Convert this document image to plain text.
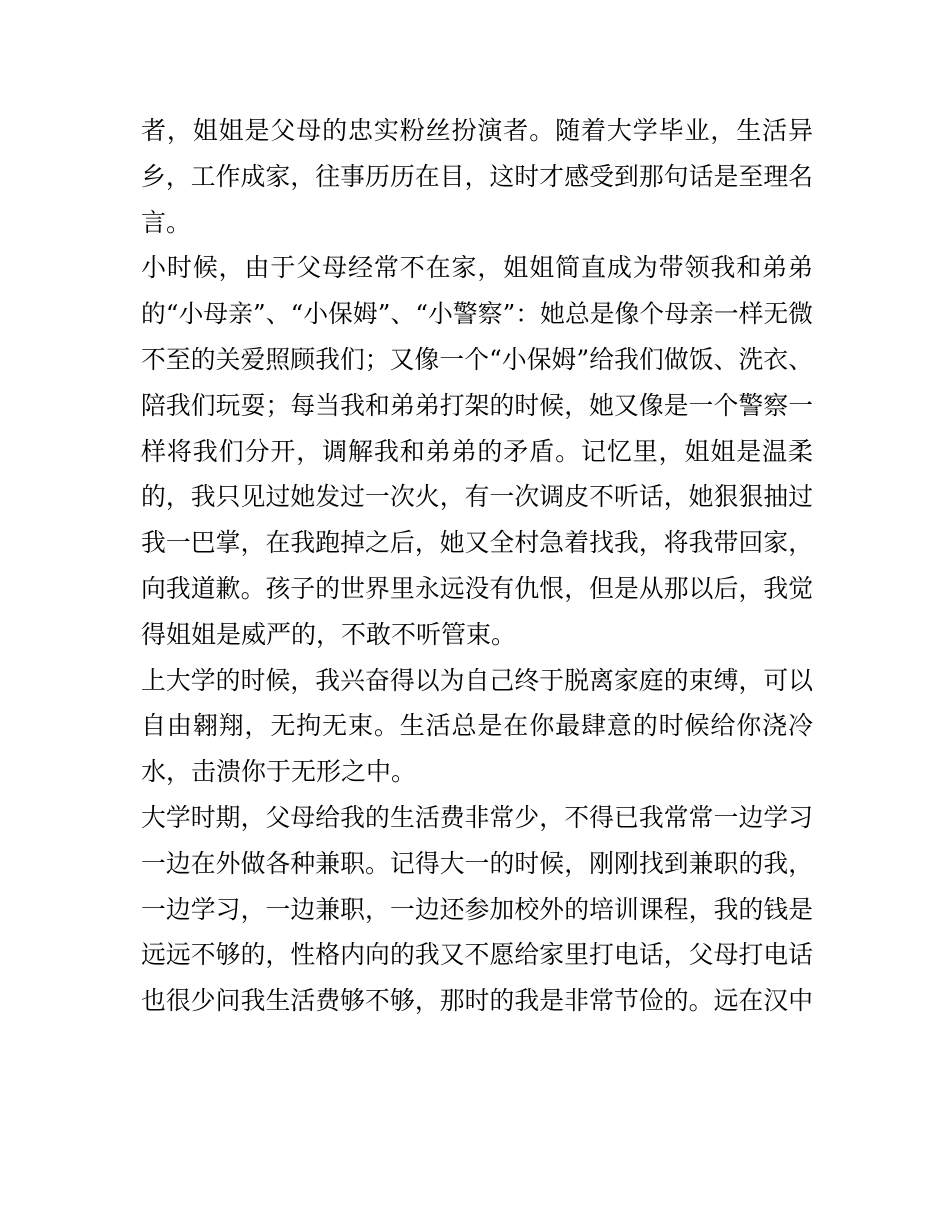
者，姐姐是父母的忠实粉丝扮演者。随着大学毕业，生活异
乡，工作成家，往事历历在目，这时才感受到那句话是至理名
言。
小时候，由于父母经常不在家，姐姐简直成为带领我和弟弟
的“小母亲”、“小保姆”、“小警察”：她总是像个母亲一样无微
不至的关爱照顾我们；又像一个“小保姆”给我们做饭、洗衣、
陪我们玩耍；每当我和弟弟打架的时候，她又像是一个警察一
样将我们分开，调解我和弟弟的矛盾。记忆里，姐姐是温柔
的，我只见过她发过一次火，有一次调皮不听话，她狠狠抽过
我一巴掌，在我跑掉之后，她又全村急着找我，将我带回家，
向我道歉。孩子的世界里永远没有仇恨，但是从那以后，我觉
得姐姐是威严的，不敢不听管束。
上大学的时候，我兴奋得以为自己终于脱离家庭的束缚，可以
自由翱翔，无拘无束。生活总是在你最肆意的时候给你浇冷
水，击溃你于无形之中。
大学时期，父母给我的生活费非常少，不得已我常常一边学习
一边在外做各种兼职。记得大一的时候，刚刚找到兼职的我，
一边学习，一边兼职，一边还参加校外的培训课程，我的钱是
远远不够的，性格内向的我又不愿给家里打电话，父母打电话
也很少问我生活费够不够，那时的我是非常节俭的。远在汉中
